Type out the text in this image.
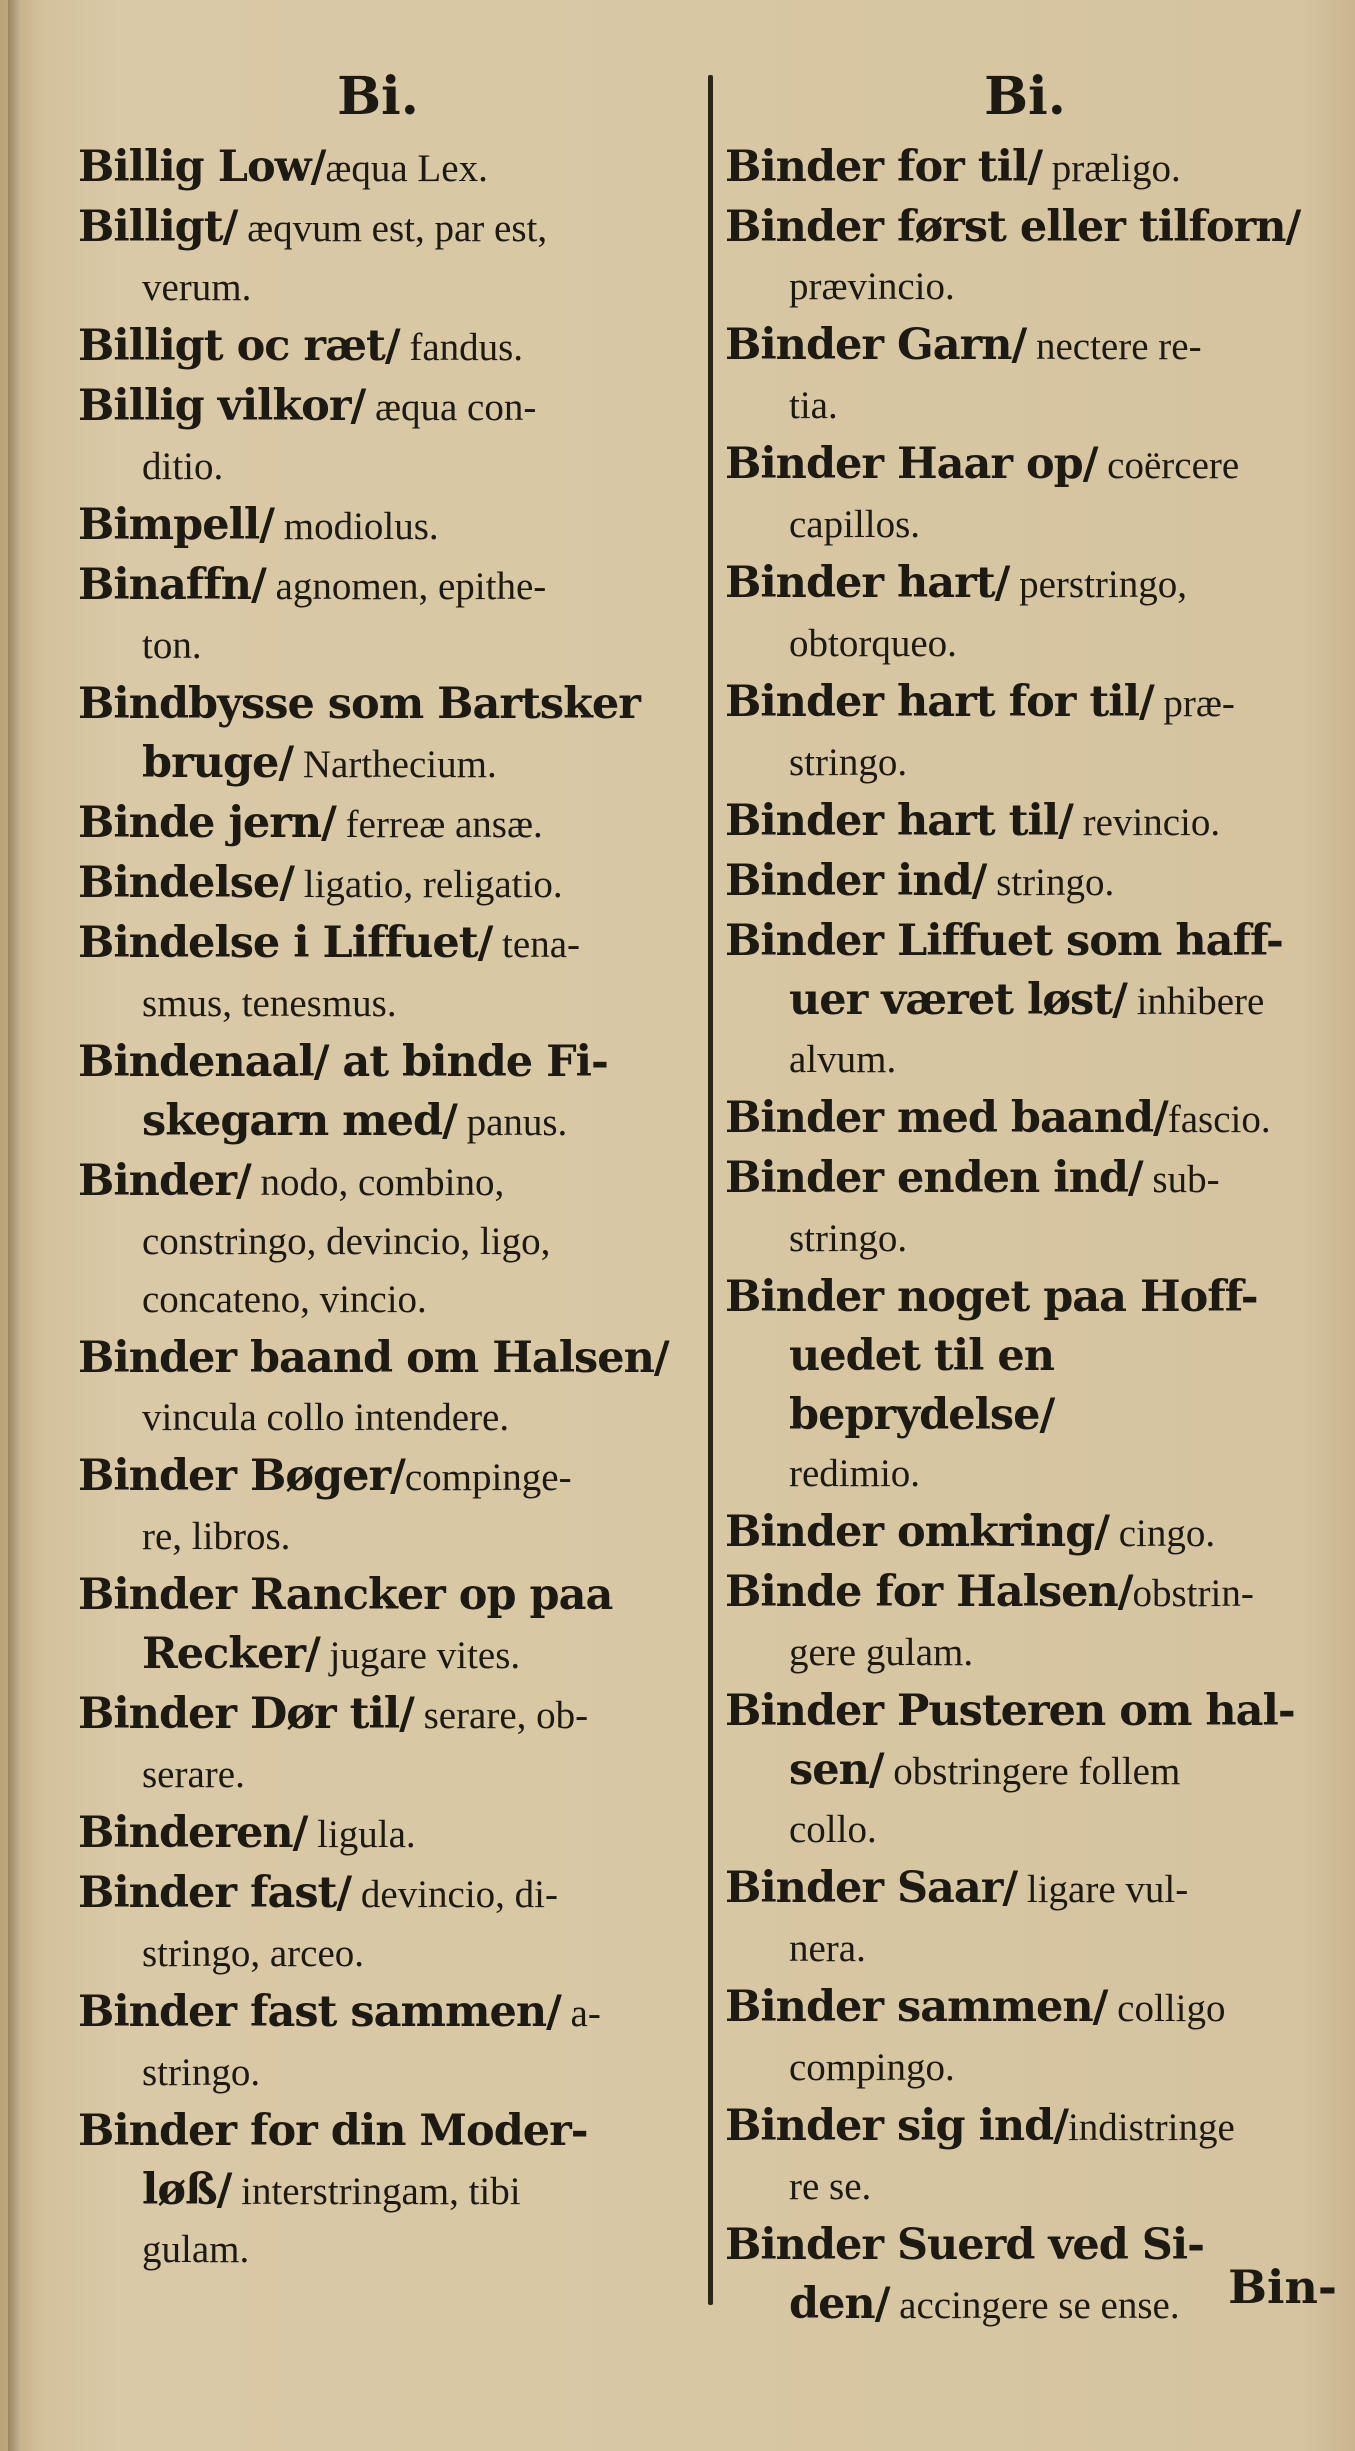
Bi.

Billig Low/æqua Lex.

Billigt/ æqvum est, par est,
verum.

Billigt oc ræt/ fandus.

Billig vilkor/ æqua con-
ditio.

Bimpell/ modiolus.

Binaffn/ agnomen, epithe-
ton.

Bindbysse som Bartsker
bruge/ Narthecium.

Binde jern/ ferreæ ansæ.

Bindelse/ ligatio, religatio.

Bindelse i Liffuet/ tena-
smus, tenesmus.

Bindenaal/ at binde Fi-
skegarn med/ panus.

Binder/ nodo, combino,
constringo, devincio, ligo,
concateno, vincio.

Binder baand om Halsen/
vincula collo intendere.

Binder Bøger/compinge-
re, libros.

Binder Rancker op paa
Recker/ jugare vites.

Binder Dør til/ serare, ob-
serare.

Binderen/ ligula.

Binder fast/ devincio, di-
stringo, arceo.

Binder fast sammen/ a-
stringo.

Binder for din Moder-
løß/ interstringam, tibi
gulam.

Bi.

Binder for til/ præligo.

Binder først eller tilforn/
prævincio.

Binder Garn/ nectere re-
tia.

Binder Haar op/ coërcere
capillos.

Binder hart/ perstringo,
obtorqueo.

Binder hart for til/ præ-
stringo.

Binder hart til/ revincio.

Binder ind/ stringo.

Binder Liffuet som haff-
uer været løst/ inhibere
alvum.

Binder med baand/fascio.

Binder enden ind/ sub-
stringo.

Binder noget paa Hoff-
uedet til en beprydelse/
redimio.

Binder omkring/ cingo.

Binde for Halsen/obstrin-
gere gulam.

Binder Pusteren om hal-
sen/ obstringere follem
collo.

Binder Saar/ ligare vul-
nera.

Binder sammen/ colligo
compingo.

Binder sig ind/indistringe
re se.

Binder Suerd ved Si-
den/ accingere se ense.	Bin-
